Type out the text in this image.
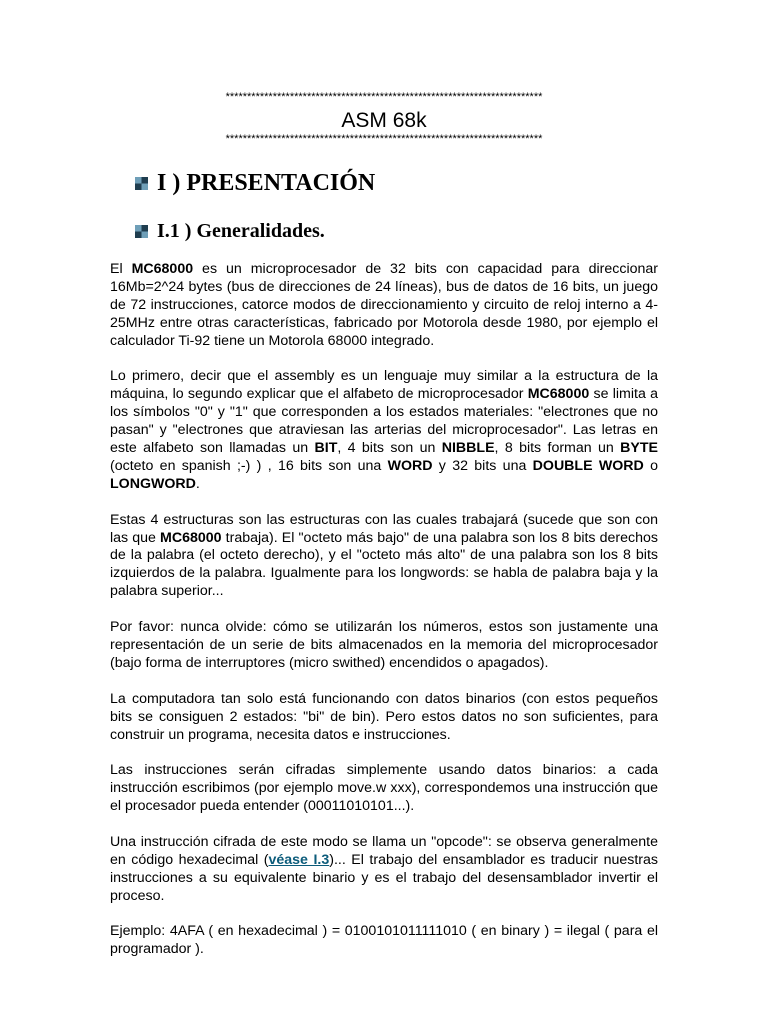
**************************************************************************
ASM 68k
**************************************************************************
I ) PRESENTACIÓN
I.1 ) Generalidades.

El MC68000 es un microprocesador de 32 bits con capacidad para direccionar 16Mb=2^24 bytes (bus de direcciones de 24 líneas), bus de datos de 16 bits, un juego de 72 instrucciones, catorce modos de direccionamiento y circuito de reloj interno a 4-25MHz entre otras características, fabricado por Motorola desde 1980, por ejemplo el calculador Ti-92 tiene un Motorola 68000 integrado.

Lo primero, decir que el assembly es un lenguaje muy similar a la estructura de la máquina, lo segundo explicar que el alfabeto de microprocesador MC68000 se limita a los símbolos "0" y "1" que corresponden a los estados materiales: "electrones que no pasan" y "electrones que atraviesan las arterias del microprocesador". Las letras en este alfabeto son llamadas un BIT, 4 bits son un NIBBLE, 8 bits forman un BYTE (octeto en spanish ;-) ) , 16 bits son una WORD y 32 bits una DOUBLE WORD o LONGWORD.

Estas 4 estructuras son las estructuras con las cuales trabajará (sucede que son con las que MC68000 trabaja). El "octeto más bajo" de una palabra son los 8 bits derechos de la palabra (el octeto derecho), y el "octeto más alto" de una palabra son los 8 bits izquierdos de la palabra. Igualmente para los longwords: se habla de palabra baja y la palabra superior...

Por favor: nunca olvide: cómo se utilizarán los números, estos son justamente una representación de un serie de bits almacenados en la memoria del microprocesador (bajo forma de interruptores (micro swithed) encendidos o apagados).

La computadora tan solo está funcionando con datos binarios (con estos pequeños bits se consiguen 2 estados: "bi" de bin). Pero estos datos no son suficientes, para construir un programa, necesita datos e instrucciones.

Las instrucciones serán cifradas simplemente usando datos binarios: a cada instrucción escribimos (por ejemplo move.w xxx), correspondemos una instrucción que el procesador pueda entender (00011010101...).

Una instrucción cifrada de este modo se llama un "opcode": se observa generalmente en código hexadecimal (véase I.3)... El trabajo del ensamblador es traducir nuestras instrucciones a su equivalente binario y es el trabajo del desensamblador invertir el proceso.

Ejemplo: 4AFA ( en hexadecimal ) = 0100101011111010 ( en binary ) = ilegal ( para el programador ).
